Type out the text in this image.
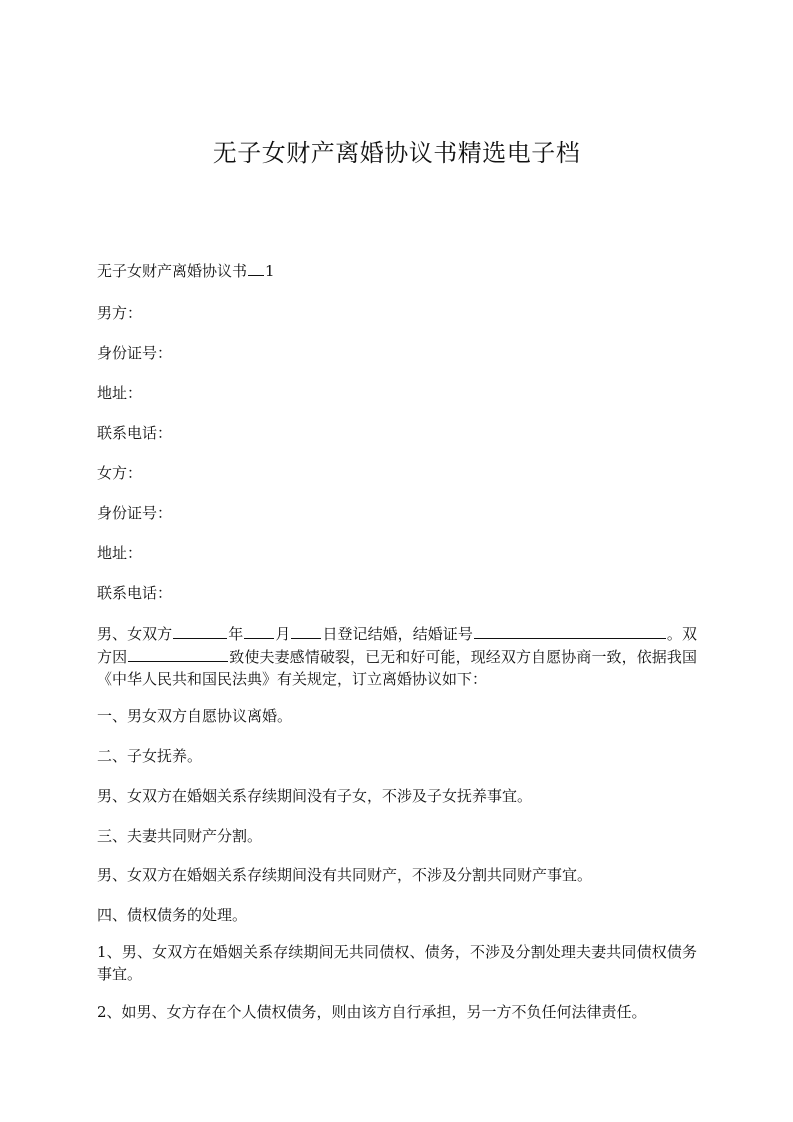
无子女财产离婚协议书精选电子档

无子女财产离婚协议书 1

男方：

身份证号：

地址：

联系电话：

女方：

身份证号：

地址：

联系电话：

男、女双方	年 月 日登记结婚，结婚证号	。双方因	致使夫妻感情破裂，已无和好可能，现经双方自愿协商一致，依据我国《中华人民共和国民法典》有关规定，订立离婚协议如下：

一、男女双方自愿协议离婚。

二、子女抚养。

男、女双方在婚姻关系存续期间没有子女，不涉及子女抚养事宜。

三、夫妻共同财产分割。

男、女双方在婚姻关系存续期间没有共同财产，不涉及分割共同财产事宜。

四、债权债务的处理。

1、男、女双方在婚姻关系存续期间无共同债权、债务，不涉及分割处理夫妻共同债权债务事宜。

2、如男、女方存在个人债权债务，则由该方自行承担，另一方不负任何法律责任。
